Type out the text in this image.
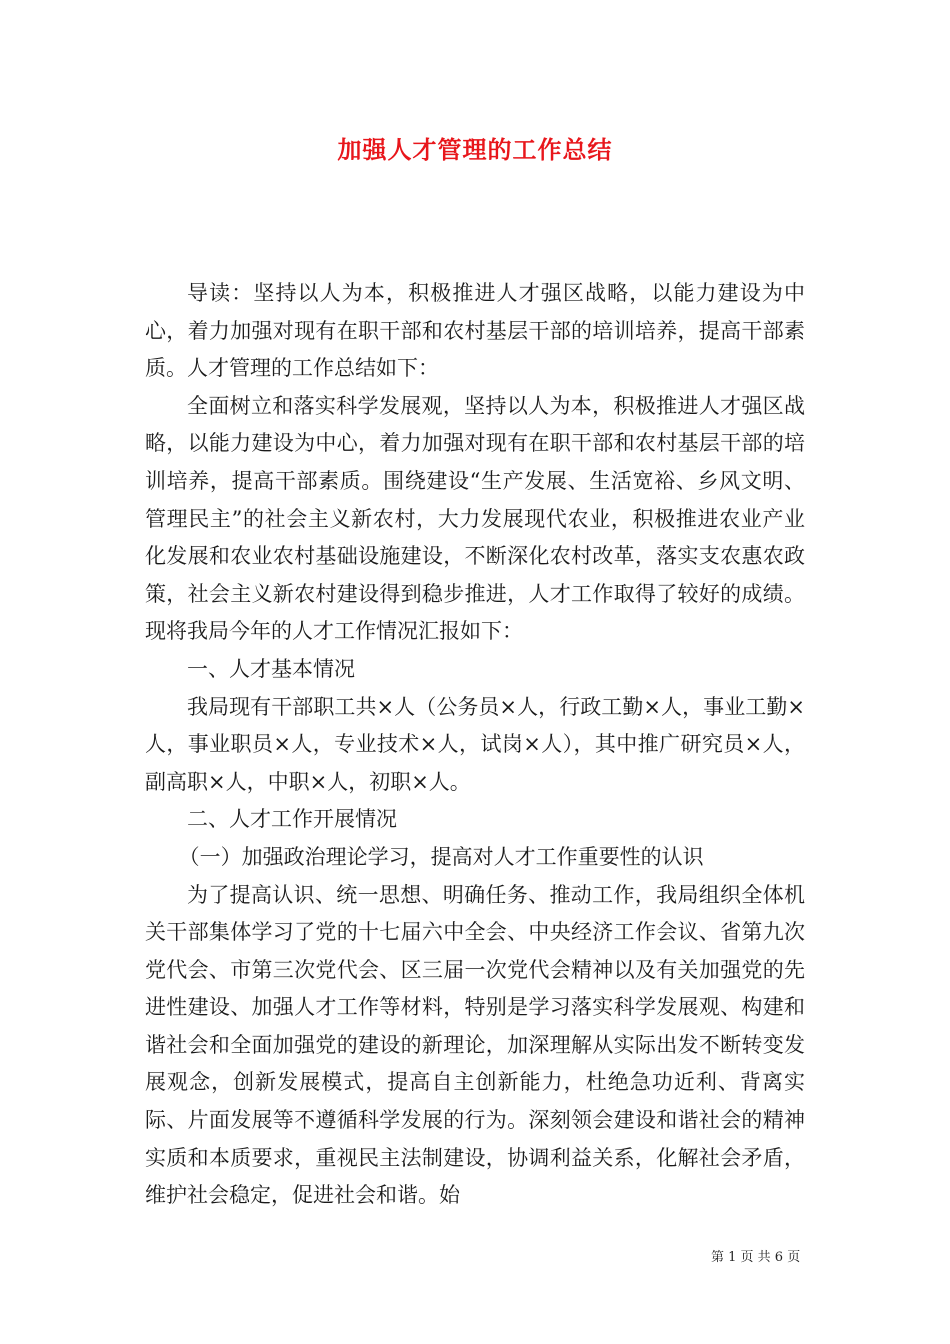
加强人才管理的工作总结

导读：坚持以人为本，积极推进人才强区战略，以能力建设为中心，着力加强对现有在职干部和农村基层干部的培训培养，提高干部素质。人才管理的工作总结如下：

全面树立和落实科学发展观，坚持以人为本，积极推进人才强区战略，以能力建设为中心，着力加强对现有在职干部和农村基层干部的培训培养，提高干部素质。围绕建设“生产发展、生活宽裕、乡风文明、管理民主”的社会主义新农村，大力发展现代农业，积极推进农业产业化发展和农业农村基础设施建设，不断深化农村改革，落实支农惠农政策，社会主义新农村建设得到稳步推进，人才工作取得了较好的成绩。现将我局今年的人才工作情况汇报如下：

一、人才基本情况

我局现有干部职工共×人（公务员×人，行政工勤×人，事业工勤×人，事业职员×人，专业技术×人，试岗×人），其中推广研究员×人，副高职×人，中职×人，初职×人。

二、人才工作开展情况

（一）加强政治理论学习，提高对人才工作重要性的认识

为了提高认识、统一思想、明确任务、推动工作，我局组织全体机关干部集体学习了党的十七届六中全会、中央经济工作会议、省第九次党代会、市第三次党代会、区三届一次党代会精神以及有关加强党的先进性建设、加强人才工作等材料，特别是学习落实科学发展观、构建和谐社会和全面加强党的建设的新理论，加深理解从实际出发不断转变发展观念，创新发展模式，提高自主创新能力，杜绝急功近利、背离实际、片面发展等不遵循科学发展的行为。深刻领会建设和谐社会的精神实质和本质要求，重视民主法制建设，协调利益关系，化解社会矛盾，维护社会稳定，促进社会和谐。始

第 1 页 共 6 页
